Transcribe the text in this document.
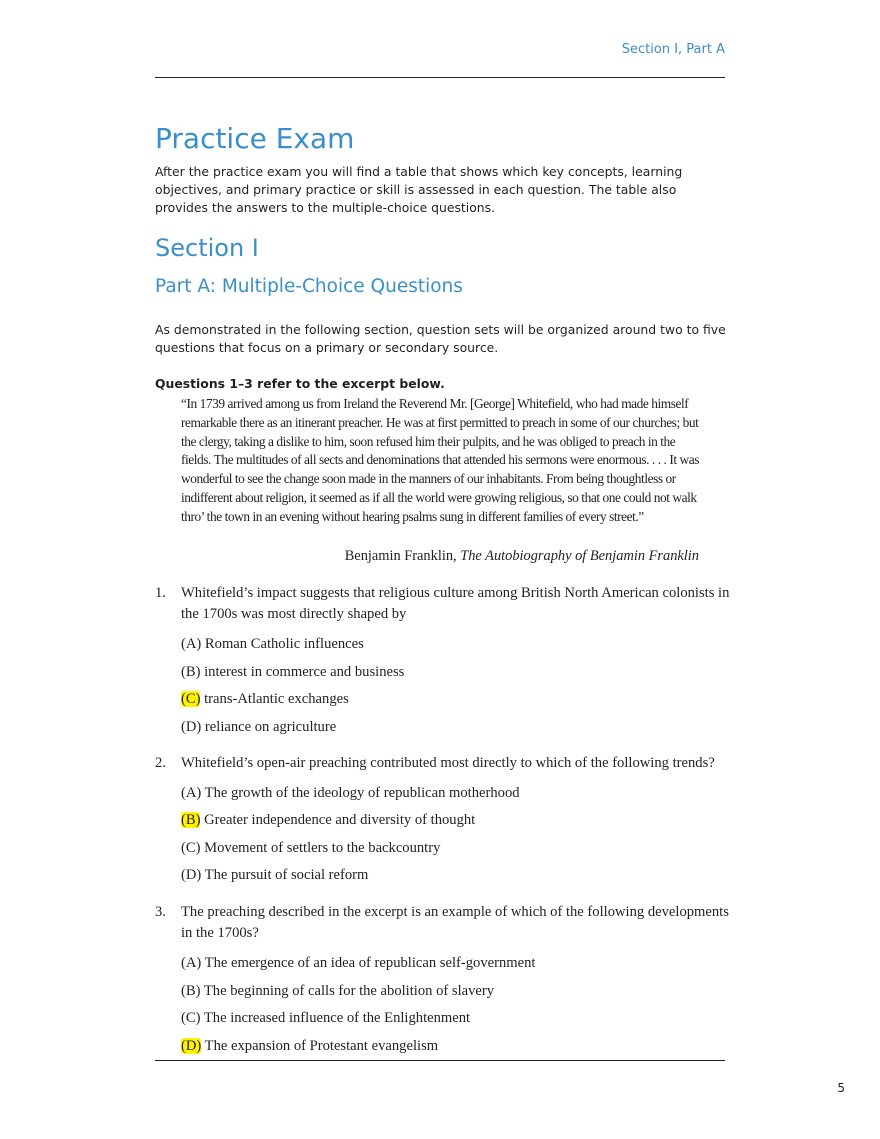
Section I, Part A
Practice Exam

After the practice exam you will find a table that shows which key concepts, learning objectives, and primary practice or skill is assessed in each question. The table also provides the answers to the multiple-choice questions.

Section I
Part A: Multiple-Choice Questions

As demonstrated in the following section, question sets will be organized around two to five questions that focus on a primary or secondary source.

Questions 1–3 refer to the excerpt below.

“In 1739 arrived among us from Ireland the Reverend Mr. [George] Whitefield, who had made himself remarkable there as an itinerant preacher. He was at first permitted to preach in some of our churches; but the clergy, taking a dislike to him, soon refused him their pulpits, and he was obliged to preach in the fields. The multitudes of all sects and denominations that attended his sermons were enormous. . . . It was wonderful to see the change soon made in the manners of our inhabitants. From being thoughtless or indifferent about religion, it seemed as if all the world were growing religious, so that one could not walk thro’ the town in an evening without hearing psalms sung in different families of every street.”

Benjamin Franklin, The Autobiography of Benjamin Franklin

1. Whitefield’s impact suggests that religious culture among British North American colonists in the 1700s was most directly shaped by

(A) Roman Catholic influences
(B) interest in commerce and business
(C) trans-Atlantic exchanges
(D) reliance on agriculture
2. Whitefield’s open-air preaching contributed most directly to which of the following trends?

(A) The growth of the ideology of republican motherhood
(B) Greater independence and diversity of thought
(C) Movement of settlers to the backcountry
(D) The pursuit of social reform
3. The preaching described in the excerpt is an example of which of the following developments in the 1700s?

(A) The emergence of an idea of republican self-government
(B) The beginning of calls for the abolition of slavery
(C) The increased influence of the Enlightenment
(D) The expansion of Protestant evangelism
5
